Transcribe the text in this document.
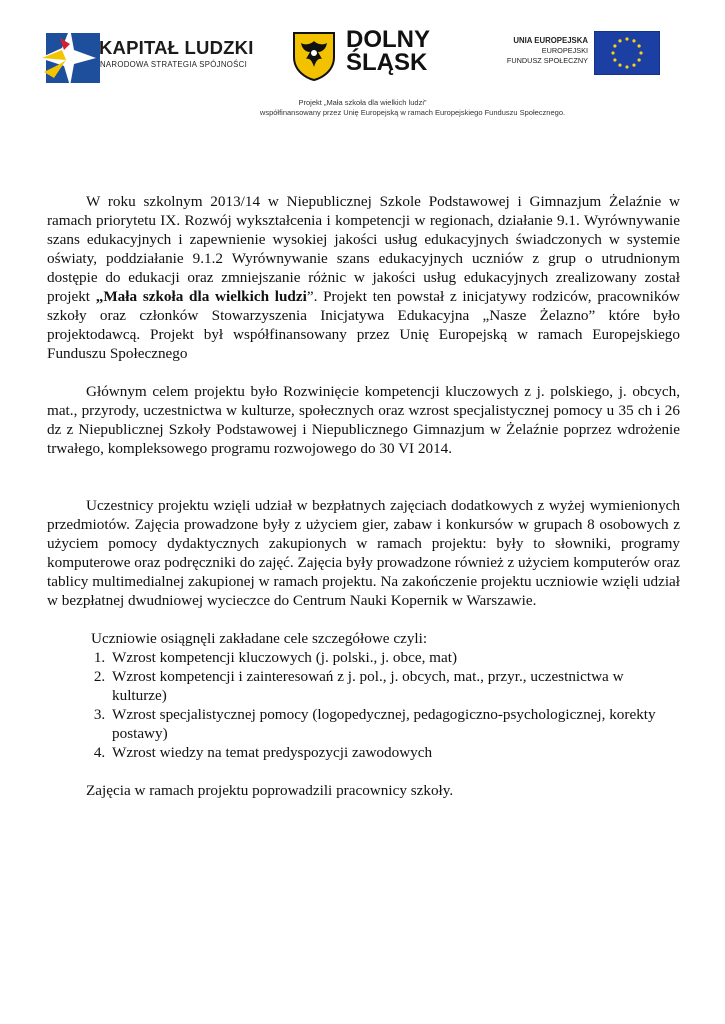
KAPITAŁ LUDZKI
NARODOWA STRATEGIA SPÓJNOŚCI
DOLNY
ŚLĄSK
UNIA EUROPEJSKA
EUROPEJSKI
FUNDUSZ SPOŁECZNY
Projekt „Mała szkoła dla wielkich ludzi”
współfinansowany przez Unię Europejską w ramach Europejskiego Funduszu Społecznego.

W roku szkolnym 2013/14 w Niepublicznej Szkole Podstawowej i Gimnazjum Żelaźnie w ramach priorytetu IX. Rozwój wykształcenia i kompetencji w regionach, działanie 9.1. Wyrównywanie szans edukacyjnych i zapewnienie wysokiej jakości usług edukacyjnych świadczonych w systemie oświaty, poddziałanie 9.1.2 Wyrównywanie szans edukacyjnych uczniów z grup o utrudnionym dostępie do edukacji oraz zmniejszanie różnic w jakości usług edukacyjnych zrealizowany został projekt „Mała szkoła dla wielkich ludzi”. Projekt ten powstał z inicjatywy rodziców, pracowników szkoły oraz członków Stowarzyszenia Inicjatywa Edukacyjna „Nasze Żelazno” które było projektodawcą. Projekt był współfinansowany przez Unię Europejską w ramach Europejskiego Funduszu Społecznego

Głównym celem projektu było Rozwinięcie kompetencji kluczowych z j. polskiego, j. obcych, mat., przyrody, uczestnictwa w kulturze, społecznych oraz wzrost specjalistycznej pomocy u 35 ch i 26 dz z Niepublicznej Szkoły Podstawowej i Niepublicznego Gimnazjum w Żelaźnie poprzez wdrożenie trwałego, kompleksowego programu rozwojowego do 30 VI 2014.

Uczestnicy projektu wzięli udział w bezpłatnych zajęciach dodatkowych z wyżej wymienionych przedmiotów. Zajęcia prowadzone były z użyciem gier, zabaw i konkursów w grupach 8 osobowych z użyciem pomocy dydaktycznych zakupionych w ramach projektu: były to słowniki, programy komputerowe oraz podręczniki do zajęć. Zajęcia były prowadzone również z użyciem komputerów oraz tablicy multimedialnej zakupionej w ramach projektu. Na zakończenie projektu uczniowie wzięli udział w bezpłatnej dwudniowej wycieczce do Centrum Nauki Kopernik w Warszawie.

Uczniowie osiągnęli zakładane cele szczegółowe czyli:
1. Wzrost kompetencji kluczowych (j. polski., j. obce, mat)
2. Wzrost kompetencji i zainteresowań z j. pol., j. obcych, mat., przyr., uczestnictwa w kulturze)
3. Wzrost specjalistycznej pomocy (logopedycznej, pedagogiczno-psychologicznej, korekty postawy)
4. Wzrost wiedzy na temat predyspozycji zawodowych

Zajęcia w ramach projektu poprowadzili pracownicy szkoły.
